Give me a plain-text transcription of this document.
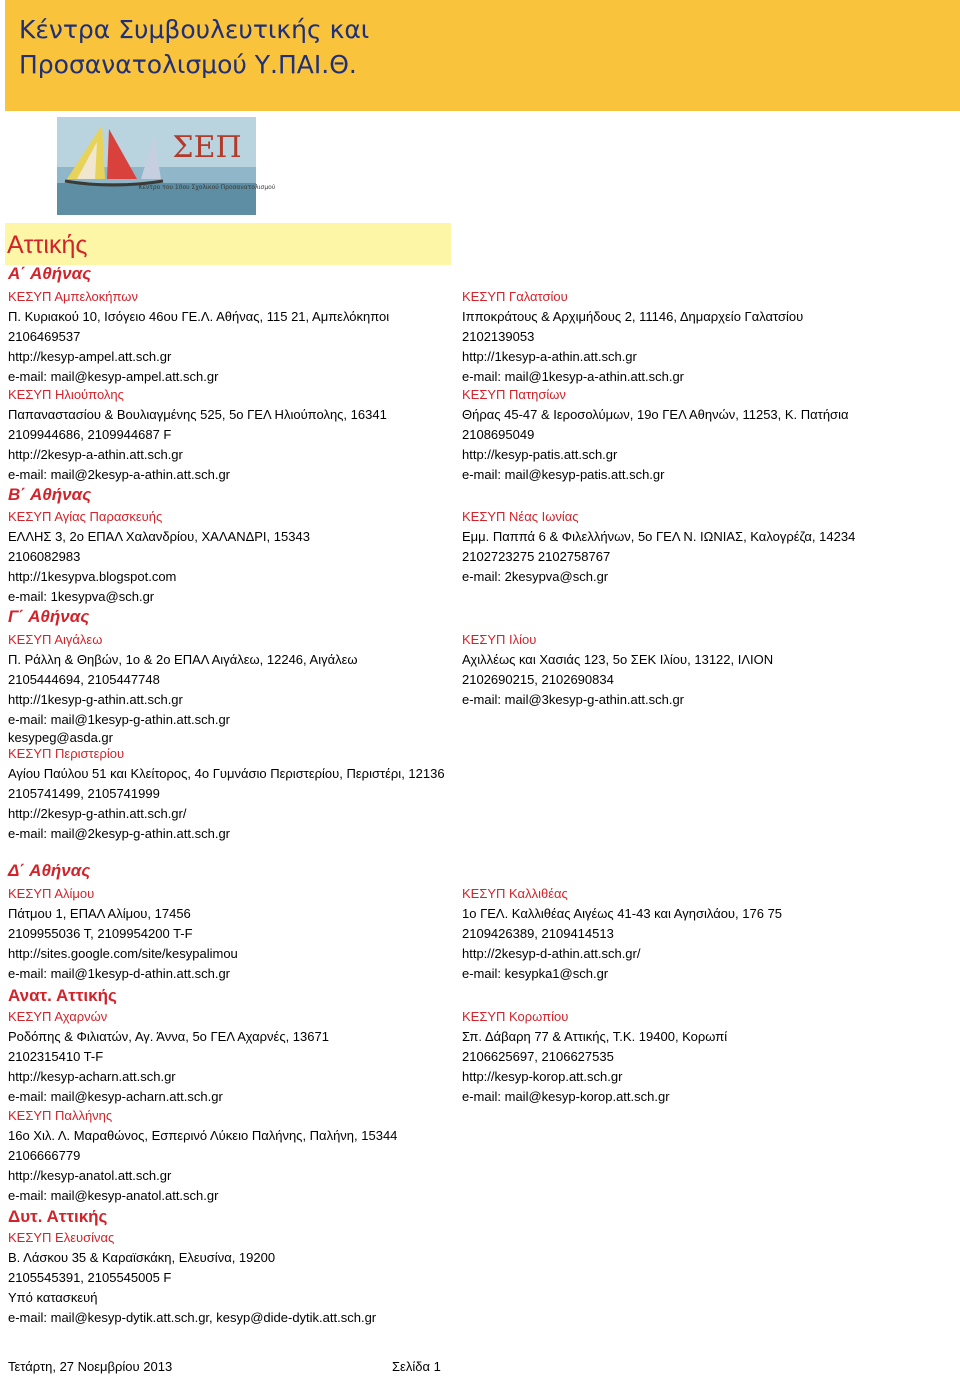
Κέντρα Συμβουλευτικής και
Προσανατολισμού Υ.ΠΑΙ.Θ.
ΣΕΠ
Κέντρο του 10ου Σχολικού Προσανατολισμού
Αττικής
Α΄ Αθήνας
ΚΕΣΥΠ Αμπελοκήπων
Π. Κυριακού 10, Ισόγειο 46ου ΓΕ.Λ. Αθήνας, 115 21, Αμπελόκηποι
2106469537
http://kesyp-ampel.att.sch.gr
e-mail: mail@kesyp-ampel.att.sch.gr
ΚΕΣΥΠ Ηλιούπολης
Παπαναστασίου & Βουλιαγμένης 525, 5ο ΓΕΛ Ηλιούπολης, 16341
2109944686, 2109944687 F
http://2kesyp-a-athin.att.sch.gr
e-mail: mail@2kesyp-a-athin.att.sch.gr
Β΄ Αθήνας
ΚΕΣΥΠ Αγίας Παρασκευής
ΕΛΛΗΣ 3, 2ο ΕΠΑΛ Χαλανδρίου, ΧΑΛΑΝΔΡΙ, 15343
2106082983
http://1kesypva.blogspot.com
e-mail: 1kesypva@sch.gr
Γ΄ Αθήνας
ΚΕΣΥΠ Αιγάλεω
Π. Ράλλη & Θηβών, 1ο & 2ο ΕΠΑΛ Αιγάλεω, 12246, Αιγάλεω
2105444694, 2105447748
http://1kesyp-g-athin.att.sch.gr
e-mail: mail@1kesyp-g-athin.att.sch.gr
kesypeg@asda.gr
ΚΕΣΥΠ Περιστερίου
Αγίου Παύλου 51 και Κλείτορος, 4ο Γυμνάσιο Περιστερίου, Περιστέρι, 12136
2105741499, 2105741999
http://2kesyp-g-athin.att.sch.gr/
e-mail: mail@2kesyp-g-athin.att.sch.gr
Δ΄ Αθήνας
ΚΕΣΥΠ Αλίμου
Πάτμου 1, ΕΠΑΛ Αλίμου, 17456
2109955036 T, 2109954200 T-F
http://sites.google.com/site/kesypalimou
e-mail: mail@1kesyp-d-athin.att.sch.gr
Ανατ. Αττικής
ΚΕΣΥΠ Αχαρνών
Ροδόπης & Φιλιατών, Αγ. Άννα, 5ο ΓΕΛ Αχαρνές, 13671
2102315410 T-F
http://kesyp-acharn.att.sch.gr
e-mail: mail@kesyp-acharn.att.sch.gr
ΚΕΣΥΠ Παλλήνης
16ο Χιλ. Λ. Μαραθώνος, Εσπερινό Λύκειο Παλήνης, Παλήνη, 15344
2106666779
http://kesyp-anatol.att.sch.gr
e-mail: mail@kesyp-anatol.att.sch.gr
Δυτ. Αττικής
ΚΕΣΥΠ Ελευσίνας
Β. Λάσκου 35 & Καραϊσκάκη, Ελευσίνα, 19200
2105545391, 2105545005 F
Υπό κατασκευή
e-mail: mail@kesyp-dytik.att.sch.gr, kesyp@dide-dytik.att.sch.gr
ΚΕΣΥΠ Γαλατσίου
Ιπποκράτους & Αρχιμήδους 2, 11146, Δημαρχείο Γαλατσίου
2102139053
http://1kesyp-a-athin.att.sch.gr
e-mail: mail@1kesyp-a-athin.att.sch.gr
ΚΕΣΥΠ Πατησίων
Θήρας 45-47 & Ιεροσολύμων, 19ο ΓΕΛ Αθηνών, 11253, Κ. Πατήσια
2108695049
http://kesyp-patis.att.sch.gr
e-mail: mail@kesyp-patis.att.sch.gr
ΚΕΣΥΠ Νέας Ιωνίας
Εμμ. Παππά 6 & Φιλελλήνων, 5ο ΓΕΛ Ν. ΙΩΝΙΑΣ, Καλογρέζα, 14234
2102723275 2102758767
e-mail: 2kesypva@sch.gr
ΚΕΣΥΠ Ιλίου
Αχιλλέως και Χασιάς 123, 5ο ΣΕΚ Ιλίου, 13122, ΙΛΙΟΝ
2102690215, 2102690834
e-mail: mail@3kesyp-g-athin.att.sch.gr
ΚΕΣΥΠ Καλλιθέας
1ο ΓΕΛ. Καλλιθέας Αιγέως 41-43 και Αγησιλάου, 176 75
2109426389, 2109414513
http://2kesyp-d-athin.att.sch.gr/
e-mail: kesypka1@sch.gr
ΚΕΣΥΠ Κορωπίου
Σπ. Δάβαρη 77 & Αττικής, Τ.Κ. 19400, Κορωπί
2106625697, 2106627535
http://kesyp-korop.att.sch.gr
e-mail: mail@kesyp-korop.att.sch.gr
Τετάρτη, 27 Νοεμβρίου 2013	Σελίδα 1
